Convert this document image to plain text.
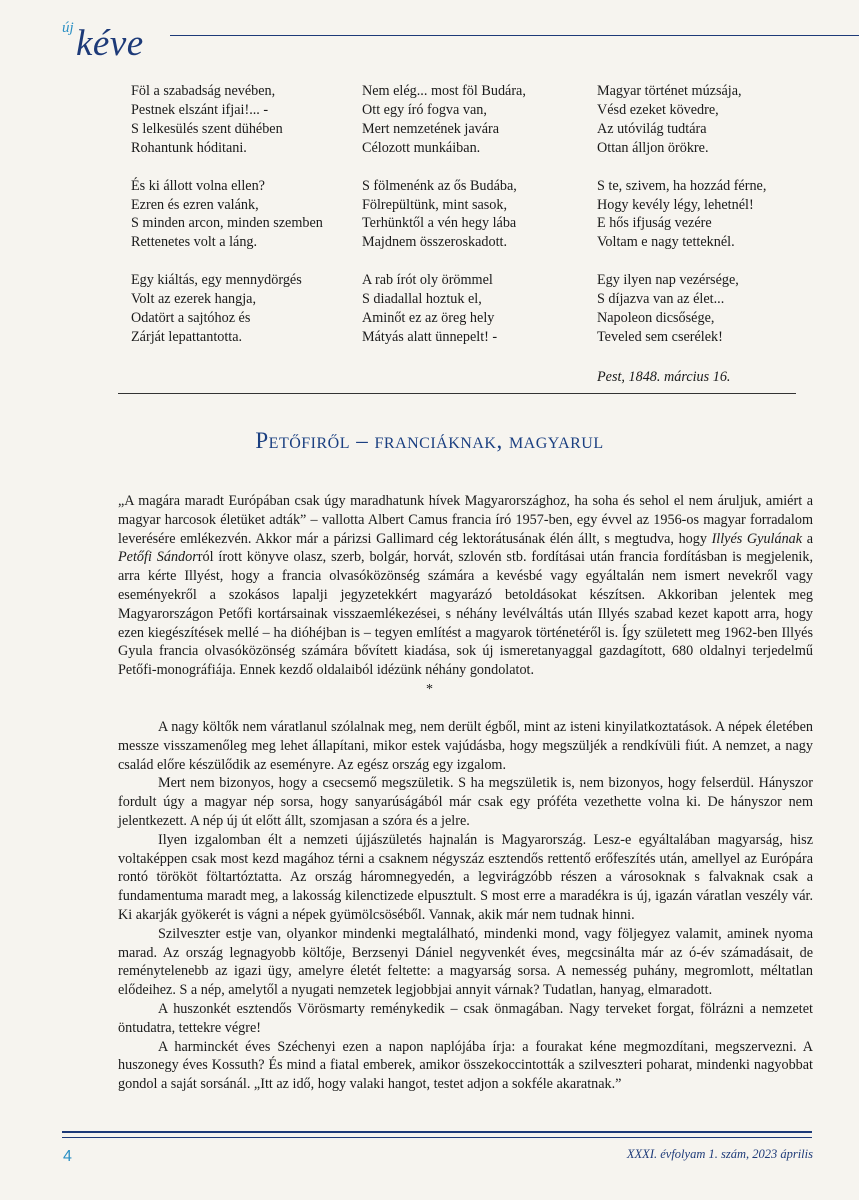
új kéve
Föl a szabadság nevében,
Pestnek elszánt ifjai!... -
S lelkesülés szent dühében
Rohantunk hóditani.
És ki állott volna ellen?
Ezren és ezren valánk,
S minden arcon, minden szemben
Rettenetes volt a láng.
Egy kiáltás, egy mennydörgés
Volt az ezerek hangja,
Odatört a sajtóhoz és
Zárját lepattantotta.
Nem elég... most föl Budára,
Ott egy író fogva van,
Mert nemzetének javára
Célozott munkáiban.
S fölmenénk az ős Budába,
Fölrepültünk, mint sasok,
Terhünktől a vén hegy lába
Majdnem összeroskadott.
A rab írót oly örömmel
S diadallal hoztuk el,
Aminőt ez az öreg hely
Mátyás alatt ünnepelt! -
Magyar történet múzsája,
Vésd ezeket kövedre,
Az utóvilág tudtára
Ottan álljon örökre.
S te, szivem, ha hozzád férne,
Hogy kevély légy, lehetnél!
E hős ifjuság vezére
Voltam e nagy tetteknél.
Egy ilyen nap vezérsége,
S díjazva van az élet...
Napoleon dicsősége,
Teveled sem cserélek!
Pest, 1848. március 16.
Petőfiről – franciáknak, magyarul

„A magára maradt Európában csak úgy maradhatunk hívek Magyarországhoz, ha soha és sehol el nem áruljuk, amiért a magyar harcosok életüket adták” – vallotta Albert Camus francia író 1957-ben, egy évvel az 1956-os magyar forradalom leverésére emlékezvén. Akkor már a párizsi Gallimard cég lektorátusának élén állt, s megtudva, hogy Illyés Gyulának a Petőfi Sándorról írott könyve olasz, szerb, bolgár, horvát, szlovén stb. fordításai után francia fordításban is megjelenik, arra kérte Illyést, hogy a francia olvasóközönség számára a kevésbé vagy egyáltalán nem ismert nevekről vagy eseményekről a szokásos lapalji jegyzetekkért magyarázó betoldásokat készítsen. Akkoriban jelentek meg Magyarországon Petőfi kortársainak visszaemlékezései, s néhány levélváltás után Illyés szabad kezet kapott arra, hogy ezen kiegészítések mellé – ha dióhéjban is – tegyen említést a magyarok történetéről is. Így született meg 1962-ben Illyés Gyula francia olvasóközönség számára bővített kiadása, sok új ismeretanyaggal gazdagított, 680 oldalnyi terjedelmű Petőfi-monográfiája. Ennek kezdő oldalaiból idézünk néhány gondolatot.

*

A nagy költők nem váratlanul szólalnak meg, nem derült égből, mint az isteni kinyilatkoztatások. A népek életében messze visszamenőleg meg lehet állapítani, mikor estek vajúdásba, hogy megszüljék a rendkívüli fiút. A nemzet, a nagy család előre készülődik az eseményre. Az egész ország egy izgalom.

Mert nem bizonyos, hogy a csecsemő megszületik. S ha megszületik is, nem bizonyos, hogy felserdül. Hányszor fordult úgy a magyar nép sorsa, hogy sanyarúságából már csak egy próféta vezethette volna ki. De hányszor nem jelentkezett. A nép új út előtt állt, szomjasan a szóra és a jelre.

Ilyen izgalomban élt a nemzeti újjászületés hajnalán is Magyarország. Lesz-e egyáltalában magyarság, hisz voltaképpen csak most kezd magához térni a csaknem négyszáz esztendős rettentő erőfeszítés után, amellyel az Európára rontó törököt föltartóztatta. Az ország háromnegyedén, a legvirágzóbb részen a városoknak s falvaknak csak a fundamentuma maradt meg, a lakosság kilenctizede elpusztult. S most erre a maradékra is új, igazán váratlan veszély vár. Ki akarják gyökerét is vágni a népek gyümölcsöséből. Vannak, akik már nem tudnak hinni.

Szilveszter estje van, olyankor mindenki megtalálható, mindenki mond, vagy följegyez valamit, aminek nyoma marad. Az ország legnagyobb költője, Berzsenyi Dániel negyvenkét éves, megcsinálta már az ó-év számadásait, de reménytelenebb az igazi ügy, amelyre életét feltette: a magyarság sorsa. A nemesség puhány, megromlott, méltatlan elődeihez. S a nép, amelytől a nyugati nemzetek legjobbjai annyit várnak? Tudatlan, hanyag, elmaradott.

A huszonkét esztendős Vörösmarty reménykedik – csak önmagában. Nagy terveket forgat, fölrázni a nemzetet öntudatra, tettekre végre!

A harminckét éves Széchenyi ezen a napon naplójába írja: a fourakat kéne megmozdítani, megszervezni. A huszonegy éves Kossuth? És mind a fiatal emberek, amikor összekoccintották a szilveszteri poharat, mindenki nagyobbat gondol a saját sorsánál. „Itt az idő, hogy valaki hangot, testet adjon a sokféle akaratnak.”

4	XXXI. évfolyam 1. szám, 2023 április
